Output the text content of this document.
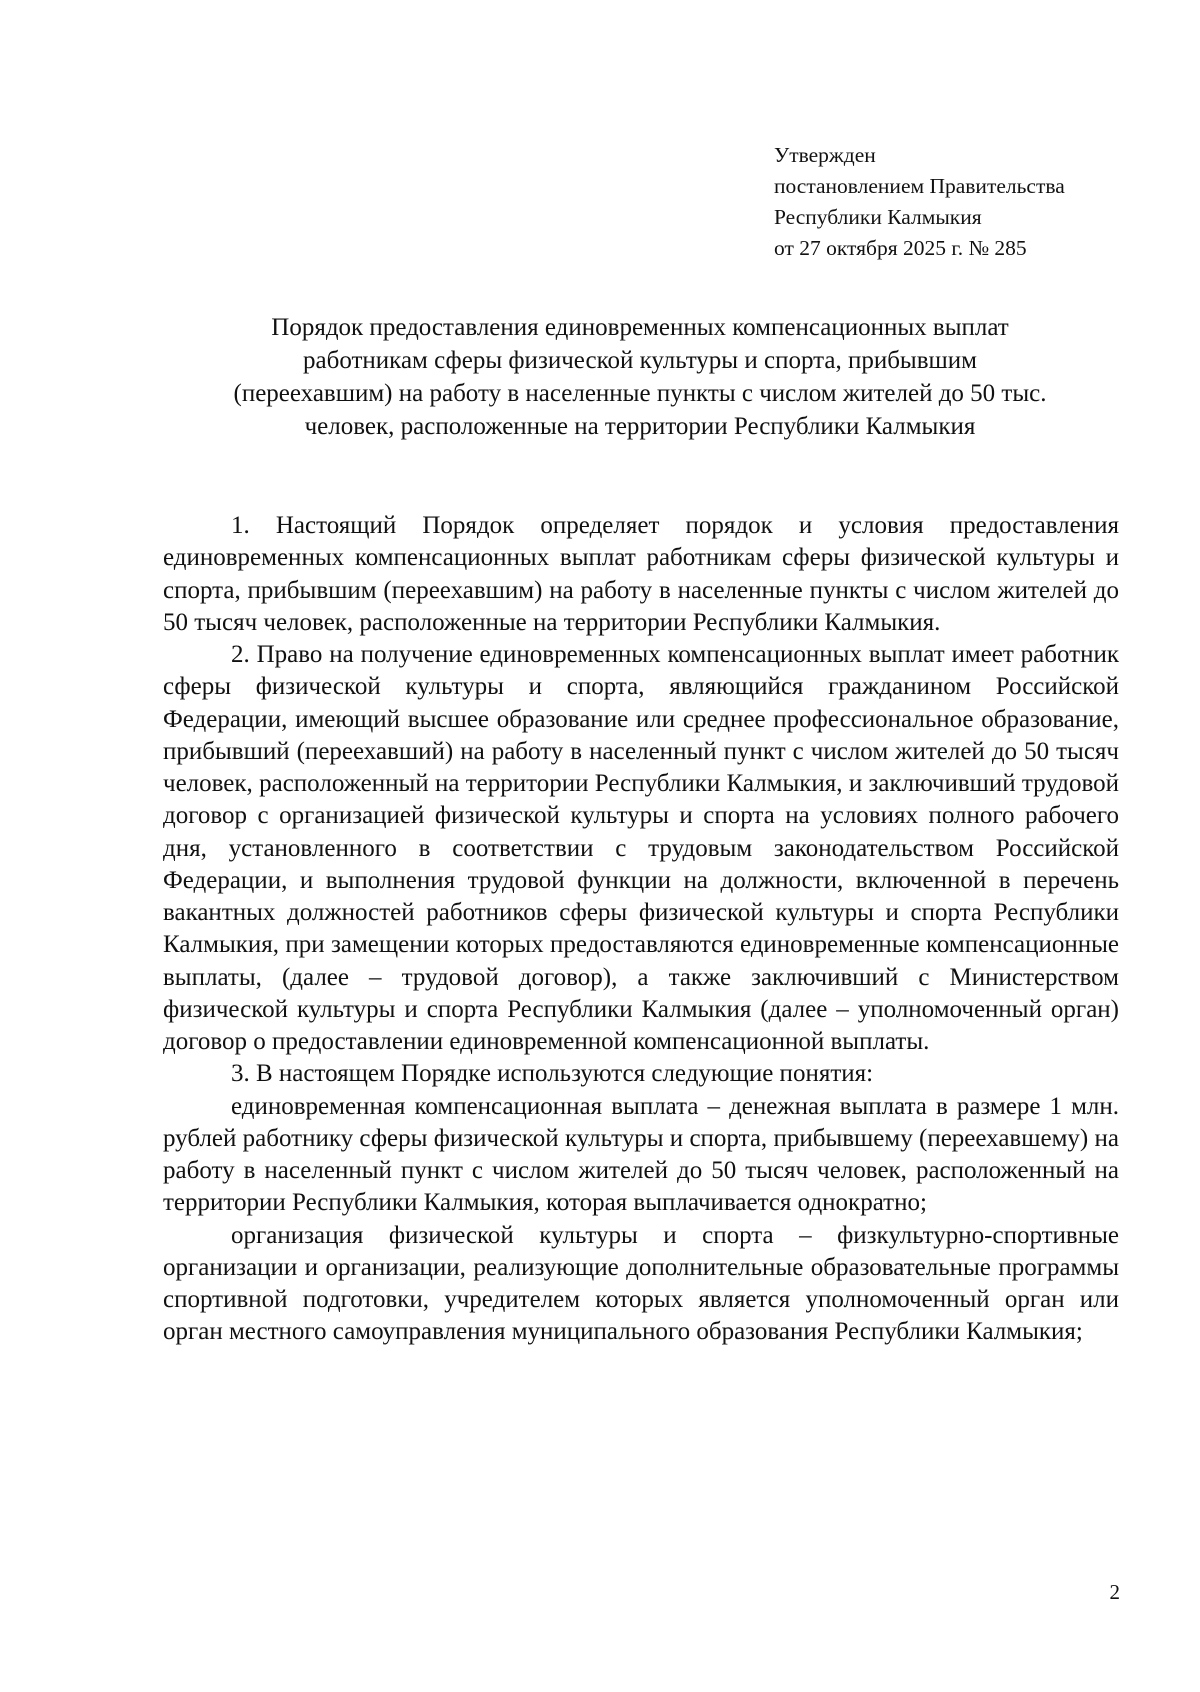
Утвержден
постановлением Правительства
Республики Калмыкия
от 27 октября 2025 г. № 285
Порядок предоставления единовременных компенсационных выплат
работникам сферы физической культуры и спорта, прибывшим
(переехавшим) на работу в населенные пункты с числом жителей до 50 тыс.
человек, расположенные на территории Республики Калмыкия

1. Настоящий Порядок определяет порядок и условия предоставления единовременных компенсационных выплат работникам сферы физической культуры и спорта, прибывшим (переехавшим) на работу в населенные пункты с числом жителей до 50 тысяч человек, расположенные на территории Республики Калмыкия.

2. Право на получение единовременных компенсационных выплат имеет работник сферы физической культуры и спорта, являющийся гражданином Российской Федерации, имеющий высшее образование или среднее профессиональное образование, прибывший (переехавший) на работу в населенный пункт с числом жителей до 50 тысяч человек, расположенный на территории Республики Калмыкия, и заключивший трудовой договор с организацией физической культуры и спорта на условиях полного рабочего дня, установленного в соответствии с трудовым законодательством Российской Федерации, и выполнения трудовой функции на должности, включенной в перечень вакантных должностей работников сферы физической культуры и спорта Республики Калмыкия, при замещении которых предоставляются единовременные компенсационные выплаты, (далее – трудовой договор), а также заключивший с Министерством физической культуры и спорта Республики Калмыкия (далее – уполномоченный орган) договор о предоставлении единовременной компенсационной выплаты.

3. В настоящем Порядке используются следующие понятия:

единовременная компенсационная выплата – денежная выплата в размере 1 млн. рублей работнику сферы физической культуры и спорта, прибывшему (переехавшему) на работу в населенный пункт с числом жителей до 50 тысяч человек, расположенный на территории Республики Калмыкия, которая выплачивается однократно;

организация физической культуры и спорта – физкультурно-спортивные организации и организации, реализующие дополнительные образовательные программы спортивной подготовки, учредителем которых является уполномоченный орган или орган местного самоуправления муниципального образования Республики Калмыкия;

2
